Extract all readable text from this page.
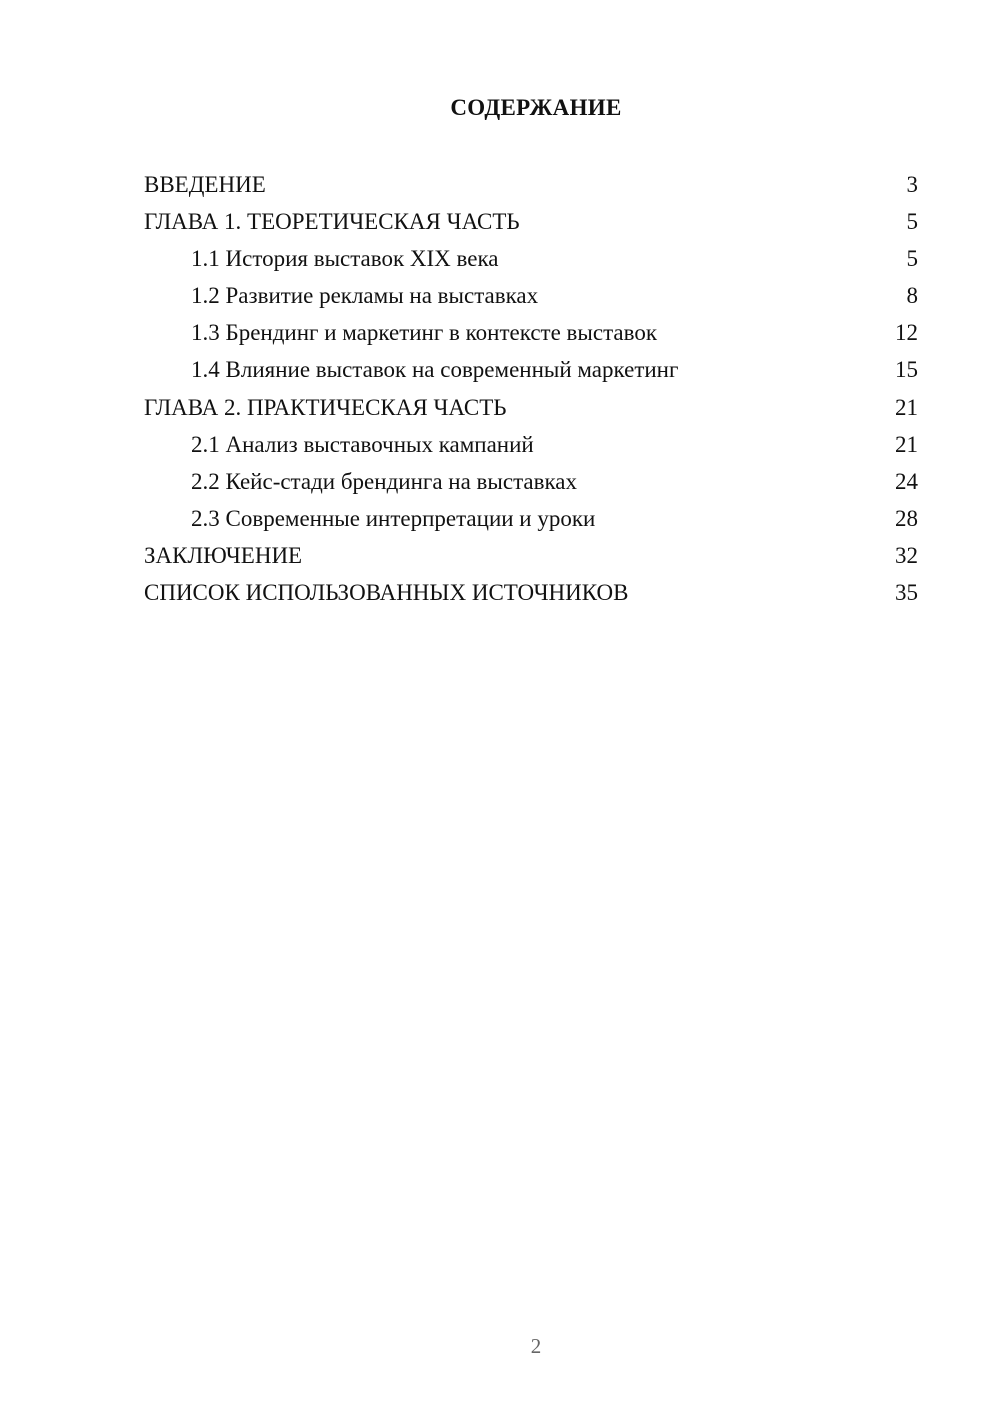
СОДЕРЖАНИЕ
ВВЕДЕНИЕ	3
ГЛАВА 1. ТЕОРЕТИЧЕСКАЯ ЧАСТЬ	5
1.1 История выставок XIX века	5
1.2 Развитие рекламы на выставках	8
1.3 Брендинг и маркетинг в контексте выставок	12
1.4 Влияние выставок на современный маркетинг	15
ГЛАВА 2. ПРАКТИЧЕСКАЯ ЧАСТЬ	21
2.1 Анализ выставочных кампаний	21
2.2 Кейс-стади брендинга на выставках	24
2.3 Современные интерпретации и уроки	28
ЗАКЛЮЧЕНИЕ	32
СПИСОК ИСПОЛЬЗОВАННЫХ ИСТОЧНИКОВ	35
2
